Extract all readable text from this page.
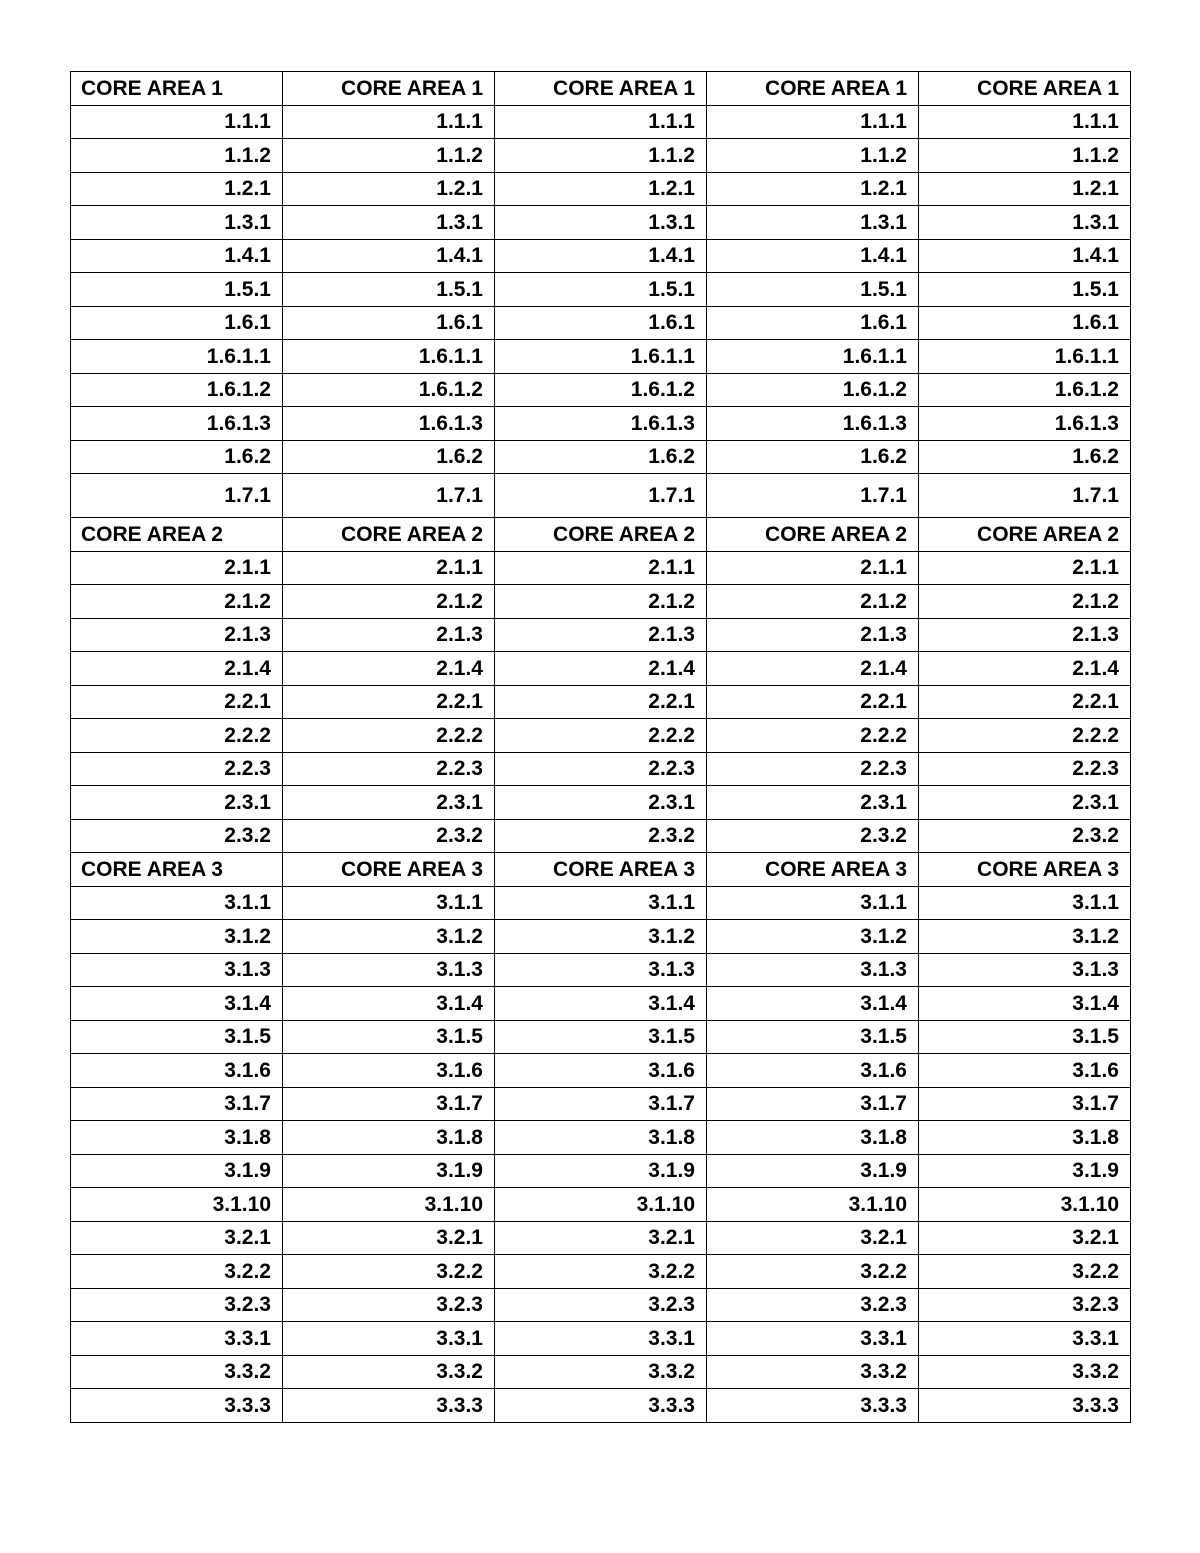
CORE AREA 1	CORE AREA 1	CORE AREA 1	CORE AREA 1	CORE AREA 1
1.1.1	1.1.1	1.1.1	1.1.1	1.1.1
1.1.2	1.1.2	1.1.2	1.1.2	1.1.2
1.2.1	1.2.1	1.2.1	1.2.1	1.2.1
1.3.1	1.3.1	1.3.1	1.3.1	1.3.1
1.4.1	1.4.1	1.4.1	1.4.1	1.4.1
1.5.1	1.5.1	1.5.1	1.5.1	1.5.1
1.6.1	1.6.1	1.6.1	1.6.1	1.6.1
1.6.1.1	1.6.1.1	1.6.1.1	1.6.1.1	1.6.1.1
1.6.1.2	1.6.1.2	1.6.1.2	1.6.1.2	1.6.1.2
1.6.1.3	1.6.1.3	1.6.1.3	1.6.1.3	1.6.1.3
1.6.2	1.6.2	1.6.2	1.6.2	1.6.2
1.7.1	1.7.1	1.7.1	1.7.1	1.7.1
CORE AREA 2	CORE AREA 2	CORE AREA 2	CORE AREA 2	CORE AREA 2
2.1.1	2.1.1	2.1.1	2.1.1	2.1.1
2.1.2	2.1.2	2.1.2	2.1.2	2.1.2
2.1.3	2.1.3	2.1.3	2.1.3	2.1.3
2.1.4	2.1.4	2.1.4	2.1.4	2.1.4
2.2.1	2.2.1	2.2.1	2.2.1	2.2.1
2.2.2	2.2.2	2.2.2	2.2.2	2.2.2
2.2.3	2.2.3	2.2.3	2.2.3	2.2.3
2.3.1	2.3.1	2.3.1	2.3.1	2.3.1
2.3.2	2.3.2	2.3.2	2.3.2	2.3.2
CORE AREA 3	CORE AREA 3	CORE AREA 3	CORE AREA 3	CORE AREA 3
3.1.1	3.1.1	3.1.1	3.1.1	3.1.1
3.1.2	3.1.2	3.1.2	3.1.2	3.1.2
3.1.3	3.1.3	3.1.3	3.1.3	3.1.3
3.1.4	3.1.4	3.1.4	3.1.4	3.1.4
3.1.5	3.1.5	3.1.5	3.1.5	3.1.5
3.1.6	3.1.6	3.1.6	3.1.6	3.1.6
3.1.7	3.1.7	3.1.7	3.1.7	3.1.7
3.1.8	3.1.8	3.1.8	3.1.8	3.1.8
3.1.9	3.1.9	3.1.9	3.1.9	3.1.9
3.1.10	3.1.10	3.1.10	3.1.10	3.1.10
3.2.1	3.2.1	3.2.1	3.2.1	3.2.1
3.2.2	3.2.2	3.2.2	3.2.2	3.2.2
3.2.3	3.2.3	3.2.3	3.2.3	3.2.3
3.3.1	3.3.1	3.3.1	3.3.1	3.3.1
3.3.2	3.3.2	3.3.2	3.3.2	3.3.2
3.3.3	3.3.3	3.3.3	3.3.3	3.3.3
